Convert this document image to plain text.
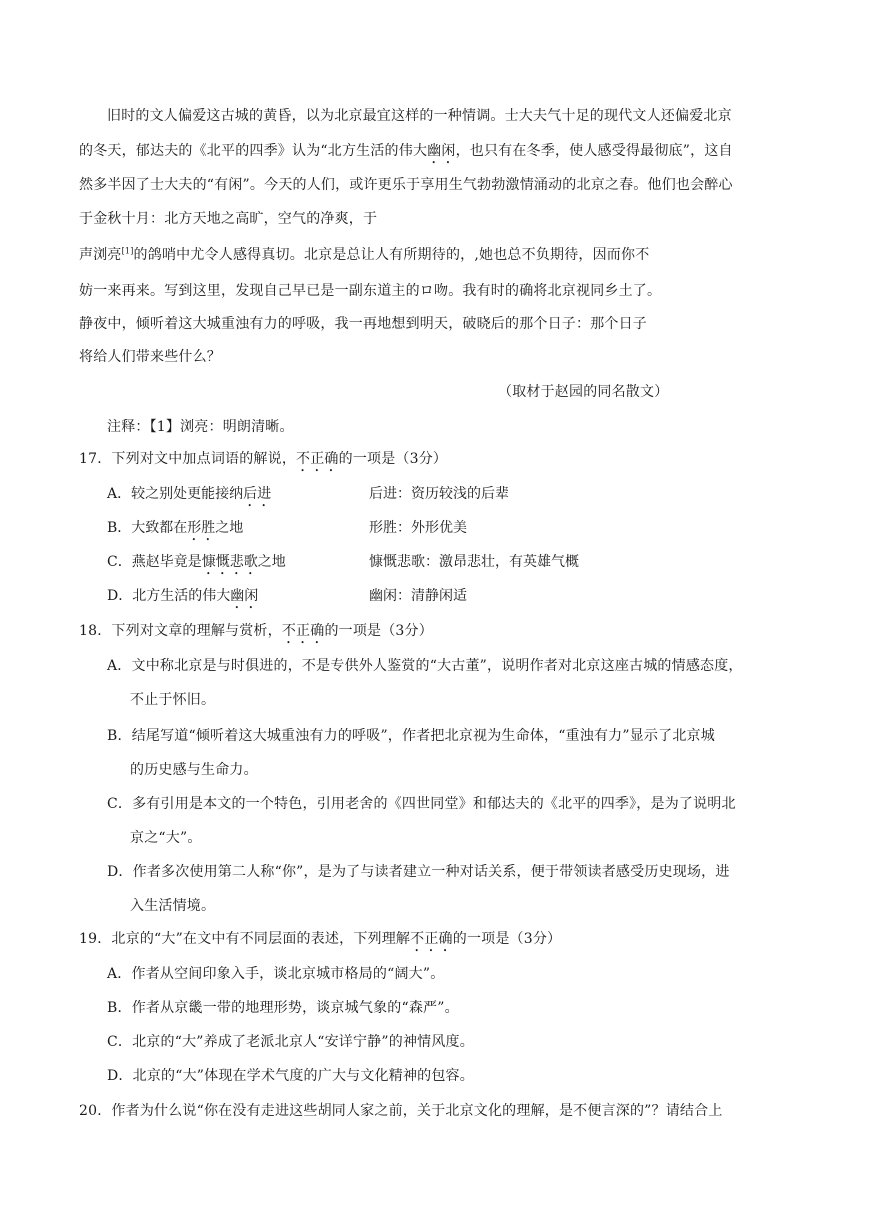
旧时的文人偏爱这古城的黄昏，以为北京最宜这样的一种情调。士大夫气十足的现代文人还偏爱北京
的冬天，郁达夫的《北平的四季》认为“北方生活的伟大幽闲，也只有在冬季，使人感受得最彻底”，这自
然多半因了士大夫的“有闲”。今天的人们，或许更乐于享用生气勃勃激情涌动的北京之春。他们也会醉心
于金秋十月：北方天地之高旷，空气的净爽，于
声浏亮[1]的鸽哨中尤令人感得真切。北京是总让人有所期待的，,她也总不负期待，因而你不
妨一来再来。写到这里，发现自己早已是一副东道主的ロ吻。我有时的确将北京视同乡土了。
静夜中，倾听着这大城重浊有力的呼吸，我一再地想到明天，破晓后的那个日子：那个日子
将给人们带来些什么？
（取材于赵园的同名散文）
注释：【1】浏亮：明朗清晰。
17．下列对文中加点词语的解说，不正确的一项是（3分）
A．较之别处更能接纳后进	后进：资历较浅的后辈
B．大致都在形胜之地	形胜：外形优美
C．燕赵毕竟是慷慨悲歌之地	慷慨悲歌：激昂悲壮，有英雄气概
D．北方生活的伟大幽闲	幽闲：清静闲适
18．下列对文章的理解与赏析，不正确的一项是（3分）
A．文中称北京是与时俱进的，不是专供外人鉴赏的“大古董”，说明作者对北京这座古城的情感态度，
不止于怀旧。
B．结尾写道“倾听着这大城重浊有力的呼吸”，作者把北京视为生命体，“重浊有力”显示了北京城
的历史感与生命力。
C．多有引用是本文的一个特色，引用老舍的《四世同堂》和郁达夫的《北平的四季》，是为了说明北
京之“大”。
D．作者多次使用第二人称“你”，是为了与读者建立一种对话关系，便于带领读者感受历史现场，进
入生活情境。
19．北京的“大”在文中有不同层面的表述，下列理解不正确的一项是（3分）
A．作者从空间印象入手，谈北京城市格局的“阔大”。
B．作者从京畿一带的地理形势，谈京城气象的“森严”。
C．北京的“大”养成了老派北京人“安详宁静”的神情风度。
D．北京的“大”体现在学术气度的广大与文化精神的包容。
20．作者为什么说“你在没有走进这些胡同人家之前，关于北京文化的理解，是不便言深的”？请结合上
